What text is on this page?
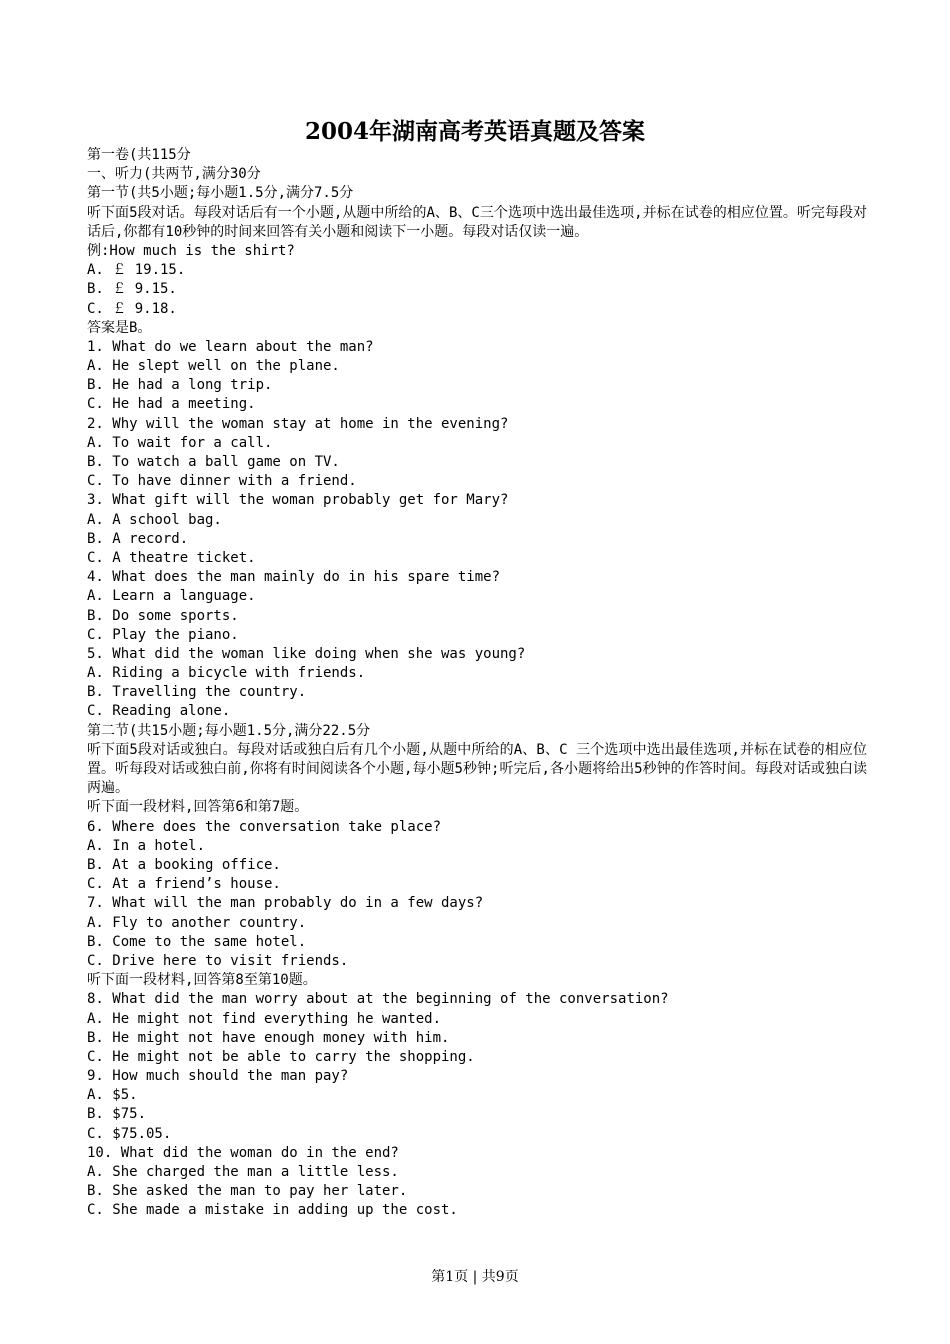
2004年湖南高考英语真题及答案
第一卷(共115分
一、听力(共两节,满分30分
第一节(共5小题;每小题1.5分,满分7.5分
听下面5段对话。每段对话后有一个小题,从题中所给的A、B、C三个选项中选出最佳选项,并标在试卷的相应位置。听完每段对话后,你都有10秒钟的时间来回答有关小题和阅读下一小题。每段对话仅读一遍。
例:How much is the shirt?
A. ￡ 19.15.
B. ￡ 9.15.
C. ￡ 9.18.
答案是B。
1. What do we learn about the man?
A. He slept well on the plane.
B. He had a long trip.
C. He had a meeting.
2. Why will the woman stay at home in the evening?
A. To wait for a call.
B. To watch a ball game on TV.
C. To have dinner with a friend.
3. What gift will the woman probably get for Mary?
A. A school bag.
B. A record.
C. A theatre ticket.
4. What does the man mainly do in his spare time?
A. Learn a language.
B. Do some sports.
C. Play the piano.
5. What did the woman like doing when she was young?
A. Riding a bicycle with friends.
B. Travelling the country.
C. Reading alone.
第二节(共15小题;每小题1.5分,满分22.5分
听下面5段对话或独白。每段对话或独白后有几个小题,从题中所给的A、B、C 三个选项中选出最佳选项,并标在试卷的相应位置。听每段对话或独白前,你将有时间阅读各个小题,每小题5秒钟;听完后,各小题将给出5秒钟的作答时间。每段对话或独白读两遍。
听下面一段材料,回答第6和第7题。
6. Where does the conversation take place?
A. In a hotel.
B. At a booking office.
C. At a friend’s house.
7. What will the man probably do in a few days?
A. Fly to another country.
B. Come to the same hotel.
C. Drive here to visit friends.
听下面一段材料,回答第8至第10题。
8. What did the man worry about at the beginning of the conversation?
A. He might not find everything he wanted.
B. He might not have enough money with him.
C. He might not be able to carry the shopping.
9. How much should the man pay?
A. $5.
B. $75.
C. $75.05.
10. What did the woman do in the end?
A. She charged the man a little less.
B. She asked the man to pay her later.
C. She made a mistake in adding up the cost.
第1页 | 共9页
